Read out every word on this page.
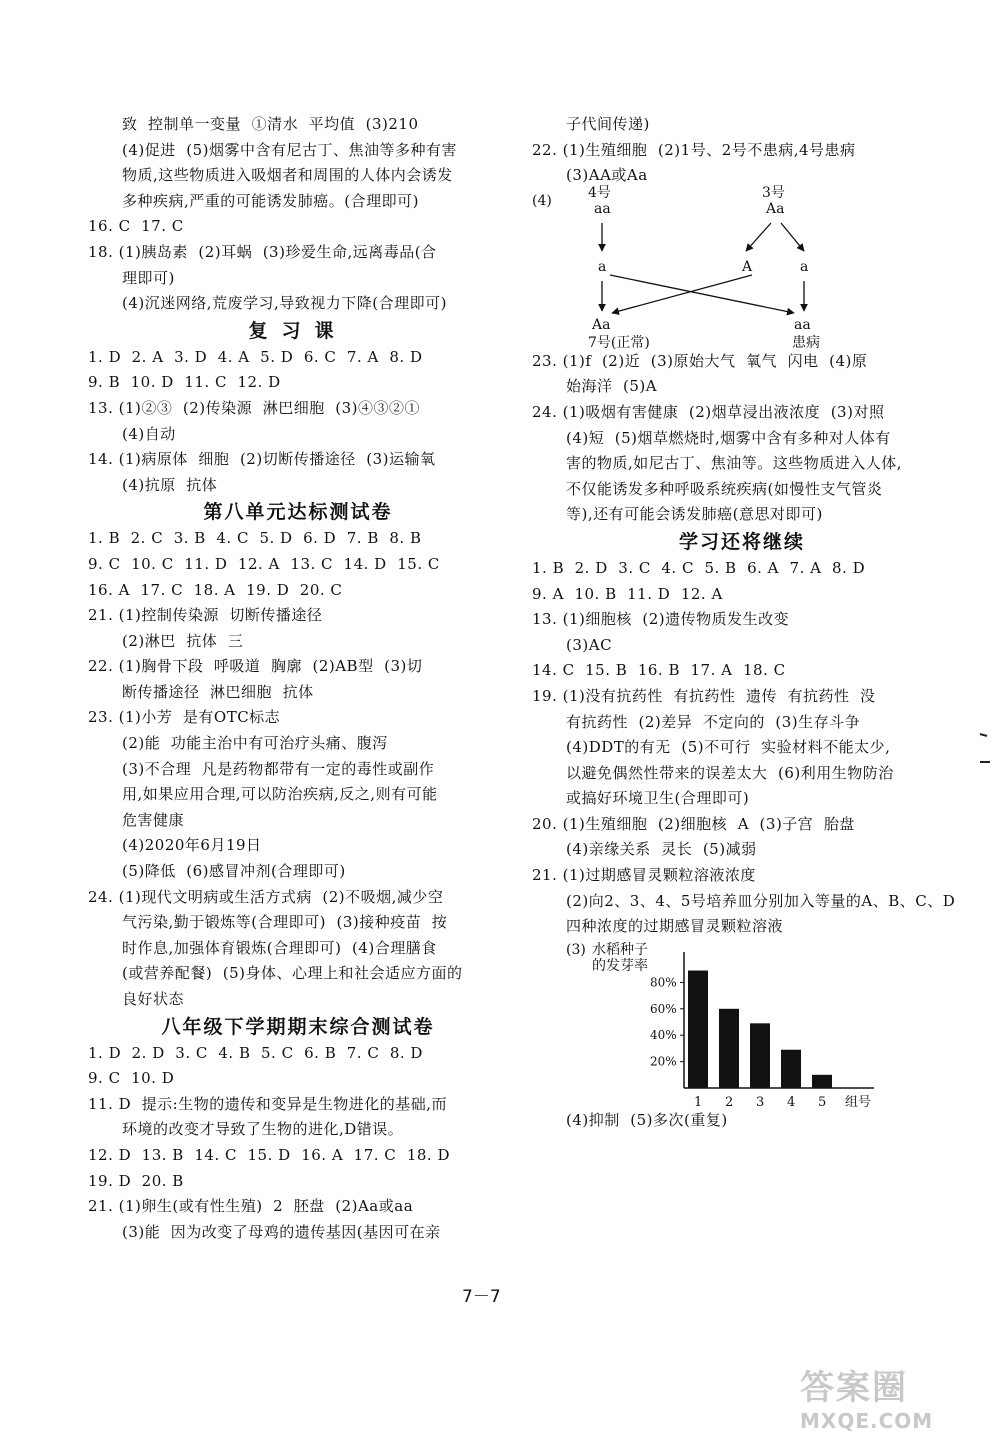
致  控制单一变量  ①清水  平均值  (3)210
(4)促进  (5)烟雾中含有尼古丁、焦油等多种有害
物质,这些物质进入吸烟者和周围的人体内会诱发
多种疾病,严重的可能诱发肺癌。(合理即可)
16. C  17. C
18. (1)胰岛素  (2)耳蜗  (3)珍爱生命,远离毒品(合
理即可)
(4)沉迷网络,荒废学习,导致视力下降(合理即可)
复习课
1. D  2. A  3. D  4. A  5. D  6. C  7. A  8. D
9. B  10. D  11. C  12. D
13. (1)②③  (2)传染源  淋巴细胞  (3)④③②①
(4)自动
14. (1)病原体  细胞  (2)切断传播途径  (3)运输氧
(4)抗原  抗体
第八单元达标测试卷
1. B  2. C  3. B  4. C  5. D  6. D  7. B  8. B
9. C  10. C  11. D  12. A  13. C  14. D  15. C
16. A  17. C  18. A  19. D  20. C
21. (1)控制传染源  切断传播途径
(2)淋巴  抗体  三
22. (1)胸骨下段  呼吸道  胸廓  (2)AB型  (3)切
断传播途径  淋巴细胞  抗体
23. (1)小芳  是有OTC标志
(2)能  功能主治中有可治疗头痛、腹泻
(3)不合理  凡是药物都带有一定的毒性或副作
用,如果应用合理,可以防治疾病,反之,则有可能
危害健康
(4)2020年6月19日
(5)降低  (6)感冒冲剂(合理即可)
24. (1)现代文明病或生活方式病  (2)不吸烟,减少空
气污染,勤于锻炼等(合理即可)  (3)接种疫苗  按
时作息,加强体育锻炼(合理即可)  (4)合理膳食
(或营养配餐)  (5)身体、心理上和社会适应方面的
良好状态
八年级下学期期末综合测试卷
1. D  2. D  3. C  4. B  5. C  6. B  7. C  8. D
9. C  10. D
11. D  提示:生物的遗传和变异是生物进化的基础,而
环境的改变才导致了生物的进化,D错误。
12. D  13. B  14. C  15. D  16. A  17. C  18. D
19. D  20. B
21. (1)卵生(或有性生殖)  2  胚盘  (2)Aa或aa
(3)能  因为改变了母鸡的遗传基因(基因可在亲
子代间传递)
22. (1)生殖细胞  (2)1号、2号不患病,4号患病
(3)AA或Aa
(4)	4号
aa
3号
Aa
a	A	a
Aa	aa
7号(正常)	患病
23. (1)f  (2)近  (3)原始大气  氧气  闪电  (4)原
始海洋  (5)A
24. (1)吸烟有害健康  (2)烟草浸出液浓度  (3)对照
(4)短  (5)烟草燃烧时,烟雾中含有多种对人体有
害的物质,如尼古丁、焦油等。这些物质进入人体,
不仅能诱发多种呼吸系统疾病(如慢性支气管炎
等),还有可能会诱发肺癌(意思对即可)
学习还将继续
1. B  2. D  3. C  4. C  5. B  6. A  7. A  8. D
9. A  10. B  11. D  12. A
13. (1)细胞核  (2)遗传物质发生改变
(3)AC
14. C  15. B  16. B  17. A  18. C
19. (1)没有抗药性  有抗药性  遗传  有抗药性  没
有抗药性  (2)差异  不定向的  (3)生存斗争
(4)DDT的有无  (5)不可行  实验材料不能太少,
以避免偶然性带来的误差太大  (6)利用生物防治
或搞好环境卫生(合理即可)
20. (1)生殖细胞  (2)细胞核  A  (3)子宫  胎盘
(4)亲缘关系  灵长  (5)减弱
21. (1)过期感冒灵颗粒溶液浓度
(2)向2、3、4、5号培养皿分别加入等量的A、B、C、D
四种浓度的过期感冒灵颗粒溶液
(3) 水稻种子
的发芽率
20%
40%
60%
80%
1 2 3 4 5 组号
(4)抑制  (5)多次(重复)
7－7
答案圈
MXQE.COM
